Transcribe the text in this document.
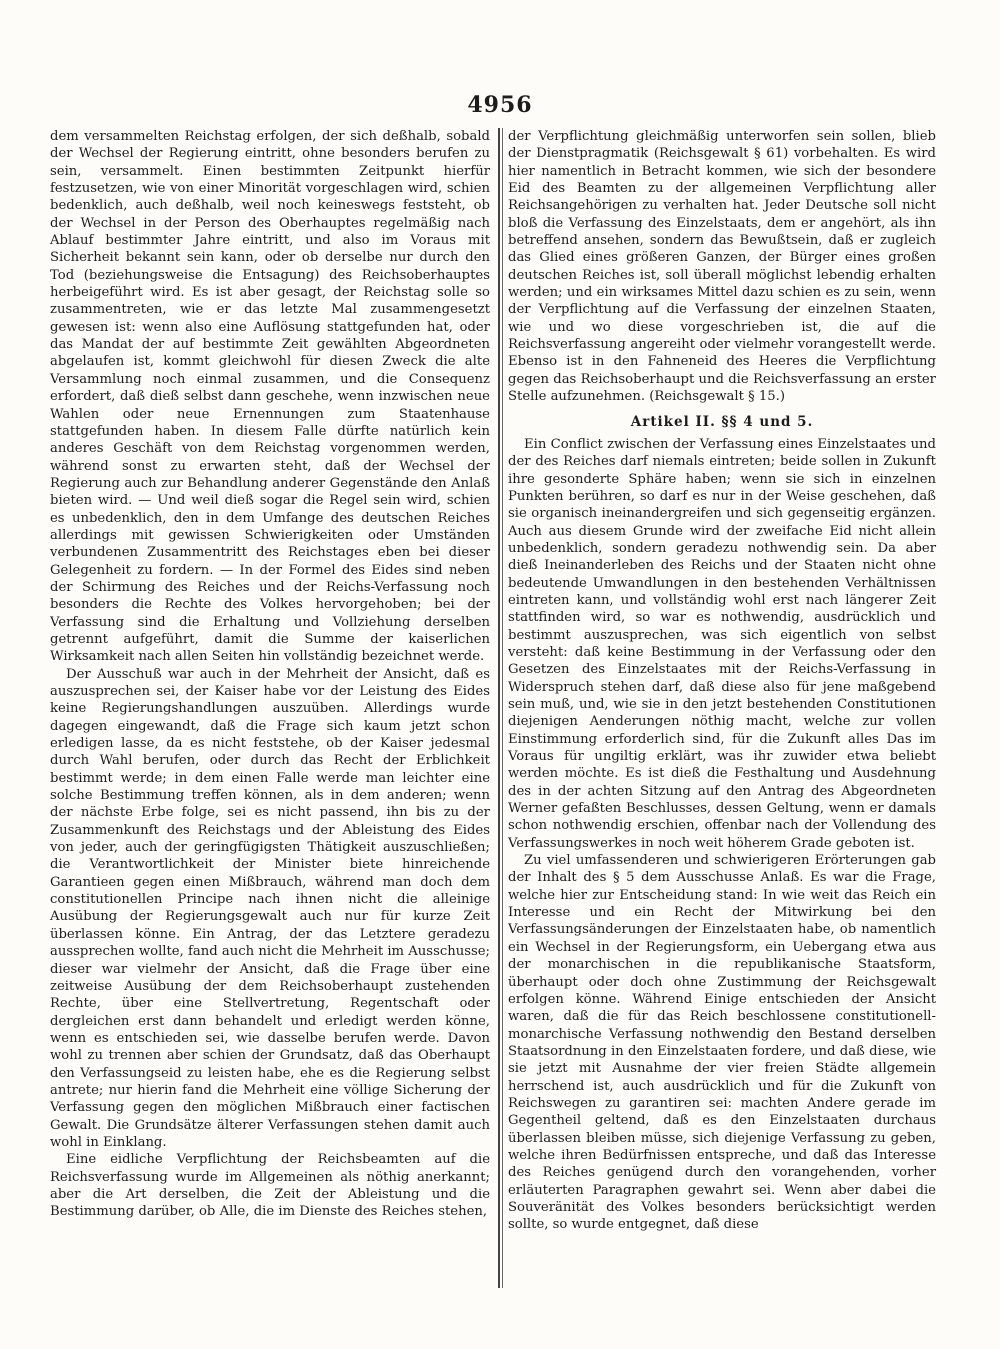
4956

dem versammelten Reichstag erfolgen, der sich deßhalb, sobald der Wechsel der Regierung eintritt, ohne besonders berufen zu sein, versammelt. Einen bestimmten Zeitpunkt hierfür festzusetzen, wie von einer Minorität vorgeschlagen wird, schien bedenklich, auch deßhalb, weil noch keineswegs feststeht, ob der Wechsel in der Person des Oberhauptes regelmäßig nach Ablauf bestimmter Jahre eintritt, und also im Voraus mit Sicherheit bekannt sein kann, oder ob derselbe nur durch den Tod (beziehungsweise die Entsagung) des Reichsoberhauptes herbeigeführt wird. Es ist aber gesagt, der Reichstag solle so zusammentreten, wie er das letzte Mal zusammengesetzt gewesen ist: wenn also eine Auflösung stattgefunden hat, oder das Mandat der auf bestimmte Zeit gewählten Abgeordneten abgelaufen ist, kommt gleichwohl für diesen Zweck die alte Versammlung noch einmal zusammen, und die Consequenz erfordert, daß dieß selbst dann geschehe, wenn inzwischen neue Wahlen oder neue Ernennungen zum Staatenhause stattgefunden haben. In diesem Falle dürfte natürlich kein anderes Geschäft von dem Reichstag vorgenommen werden, während sonst zu erwarten steht, daß der Wechsel der Regierung auch zur Behandlung anderer Gegenstände den Anlaß bieten wird. — Und weil dieß sogar die Regel sein wird, schien es unbedenklich, den in dem Umfange des deutschen Reiches allerdings mit gewissen Schwierigkeiten oder Umständen verbundenen Zusammentritt des Reichstages eben bei dieser Gelegenheit zu fordern. — In der Formel des Eides sind neben der Schirmung des Reiches und der Reichs-Verfassung noch besonders die Rechte des Volkes hervorgehoben; bei der Verfassung sind die Erhaltung und Vollziehung derselben getrennt aufgeführt, damit die Summe der kaiserlichen Wirksamkeit nach allen Seiten hin vollständig bezeichnet werde.

Der Ausschuß war auch in der Mehrheit der Ansicht, daß es auszusprechen sei, der Kaiser habe vor der Leistung des Eides keine Regierungshandlungen auszuüben. Allerdings wurde dagegen eingewandt, daß die Frage sich kaum jetzt schon erledigen lasse, da es nicht feststehe, ob der Kaiser jedesmal durch Wahl berufen, oder durch das Recht der Erblichkeit bestimmt werde; in dem einen Falle werde man leichter eine solche Bestimmung treffen können, als in dem anderen; wenn der nächste Erbe folge, sei es nicht passend, ihn bis zu der Zusammenkunft des Reichstags und der Ableistung des Eides von jeder, auch der geringfügigsten Thätigkeit auszuschließen; die Verantwortlichkeit der Minister biete hinreichende Garantieen gegen einen Mißbrauch, während man doch dem constitutionellen Principe nach ihnen nicht die alleinige Ausübung der Regierungsgewalt auch nur für kurze Zeit überlassen könne. Ein Antrag, der das Letztere geradezu aussprechen wollte, fand auch nicht die Mehrheit im Ausschusse; dieser war vielmehr der Ansicht, daß die Frage über eine zeitweise Ausübung der dem Reichsoberhaupt zustehenden Rechte, über eine Stellvertretung, Regentschaft oder dergleichen erst dann behandelt und erledigt werden könne, wenn es entschieden sei, wie dasselbe berufen werde. Davon wohl zu trennen aber schien der Grundsatz, daß das Oberhaupt den Verfassungseid zu leisten habe, ehe es die Regierung selbst antrete; nur hierin fand die Mehrheit eine völlige Sicherung der Verfassung gegen den möglichen Mißbrauch einer factischen Gewalt. Die Grundsätze älterer Verfassungen stehen damit auch wohl in Einklang.

Eine eidliche Verpflichtung der Reichsbeamten auf die Reichsverfassung wurde im Allgemeinen als nöthig anerkannt; aber die Art derselben, die Zeit der Ableistung und die Bestimmung darüber, ob Alle, die im Dienste des Reiches stehen,

der Verpflichtung gleichmäßig unterworfen sein sollen, blieb der Dienstpragmatik (Reichsgewalt § 61) vorbehalten. Es wird hier namentlich in Betracht kommen, wie sich der besondere Eid des Beamten zu der allgemeinen Verpflichtung aller Reichsangehörigen zu verhalten hat. Jeder Deutsche soll nicht bloß die Verfassung des Einzelstaats, dem er angehört, als ihn betreffend ansehen, sondern das Bewußtsein, daß er zugleich das Glied eines größeren Ganzen, der Bürger eines großen deutschen Reiches ist, soll überall möglichst lebendig erhalten werden; und ein wirksames Mittel dazu schien es zu sein, wenn der Verpflichtung auf die Verfassung der einzelnen Staaten, wie und wo diese vorgeschrieben ist, die auf die Reichsverfassung angereiht oder vielmehr vorangestellt werde. Ebenso ist in den Fahneneid des Heeres die Verpflichtung gegen das Reichsoberhaupt und die Reichsverfassung an erster Stelle aufzunehmen. (Reichsgewalt § 15.)

Artikel II. §§ 4 und 5.

Ein Conflict zwischen der Verfassung eines Einzelstaates und der des Reiches darf niemals eintreten; beide sollen in Zukunft ihre gesonderte Sphäre haben; wenn sie sich in einzelnen Punkten berühren, so darf es nur in der Weise geschehen, daß sie organisch ineinandergreifen und sich gegenseitig ergänzen. Auch aus diesem Grunde wird der zweifache Eid nicht allein unbedenklich, sondern geradezu nothwendig sein. Da aber dieß Ineinanderleben des Reichs und der Staaten nicht ohne bedeutende Umwandlungen in den bestehenden Verhältnissen eintreten kann, und vollständig wohl erst nach längerer Zeit stattfinden wird, so war es nothwendig, ausdrücklich und bestimmt auszusprechen, was sich eigentlich von selbst versteht: daß keine Bestimmung in der Verfassung oder den Gesetzen des Einzelstaates mit der Reichs-Verfassung in Widerspruch stehen darf, daß diese also für jene maßgebend sein muß, und, wie sie in den jetzt bestehenden Constitutionen diejenigen Aenderungen nöthig macht, welche zur vollen Einstimmung erforderlich sind, für die Zukunft alles Das im Voraus für ungiltig erklärt, was ihr zuwider etwa beliebt werden möchte. Es ist dieß die Festhaltung und Ausdehnung des in der achten Sitzung auf den Antrag des Abgeordneten Werner gefaßten Beschlusses, dessen Geltung, wenn er damals schon nothwendig erschien, offenbar nach der Vollendung des Verfassungswerkes in noch weit höherem Grade geboten ist.

Zu viel umfassenderen und schwierigeren Erörterungen gab der Inhalt des § 5 dem Ausschusse Anlaß. Es war die Frage, welche hier zur Entscheidung stand: In wie weit das Reich ein Interesse und ein Recht der Mitwirkung bei den Verfassungsänderungen der Einzelstaaten habe, ob namentlich ein Wechsel in der Regierungsform, ein Uebergang etwa aus der monarchischen in die republikanische Staatsform, überhaupt oder doch ohne Zustimmung der Reichsgewalt erfolgen könne. Während Einige entschieden der Ansicht waren, daß die für das Reich beschlossene constitutionell-monarchische Verfassung nothwendig den Bestand derselben Staatsordnung in den Einzelstaaten fordere, und daß diese, wie sie jetzt mit Ausnahme der vier freien Städte allgemein herrschend ist, auch ausdrücklich und für die Zukunft von Reichswegen zu garantiren sei: machten Andere gerade im Gegentheil geltend, daß es den Einzelstaaten durchaus überlassen bleiben müsse, sich diejenige Verfassung zu geben, welche ihren Bedürfnissen entspreche, und daß das Interesse des Reiches genügend durch den vorangehenden, vorher erläuterten Paragraphen gewahrt sei. Wenn aber dabei die Souveränität des Volkes besonders berücksichtigt werden sollte, so wurde entgegnet, daß diese
